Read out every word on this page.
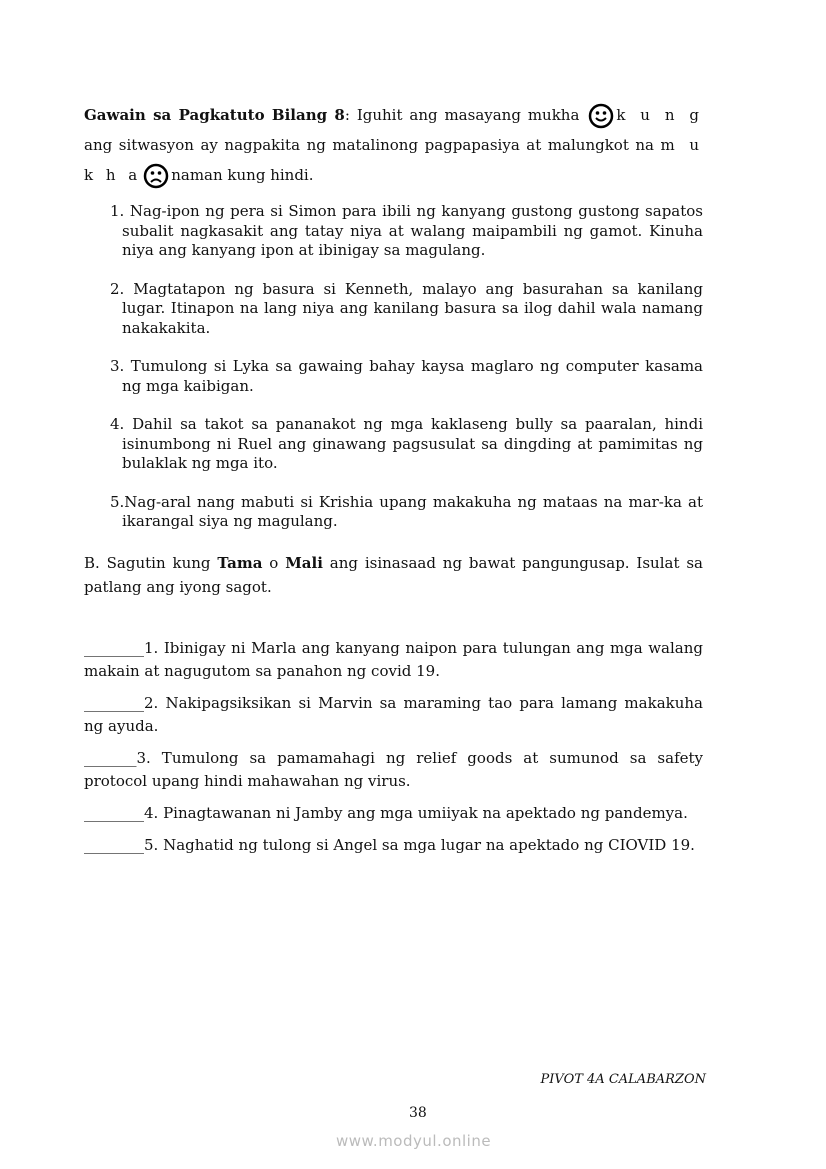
Gawain sa Pagkatuto Bilang 8: Iguhit ang masayang mukha k u n g ang sitwasyon ay nagpakita ng matalinong pagpapasiya at malungkot na m u k h a naman kung hindi.
1. Nag-ipon ng pera si Simon para ibili ng kanyang gustong gustong sapatos subalit nagkasakit ang tatay niya at walang maipambili ng gamot. Kinuha niya ang kanyang ipon at ibinigay sa magulang.
2. Magtatapon ng basura si Kenneth, malayo ang basurahan sa kanilang lugar. Itinapon na lang niya ang kanilang basura sa ilog dahil wala namang nakakakita.
3. Tumulong si Lyka sa gawaing bahay kaysa maglaro ng computer kasama ng mga kaibigan.
4. Dahil sa takot sa pananakot ng mga kaklaseng bully sa paaralan, hindi isinumbong ni Ruel ang ginawang pagsusulat sa dingding at pamimitas ng bulaklak ng mga ito.
5.Nag-aral nang mabuti si Krishia upang makakuha ng mataas na mar-ka at ikarangal siya ng magulang.
B. Sagutin kung Tama o Mali ang isinasaad ng bawat pangungusap. Isulat sa patlang ang iyong sagot.
________1. Ibinigay ni Marla ang kanyang naipon para tulungan ang mga walang makain at nagugutom sa panahon ng covid 19.
________2. Nakipagsiksikan si Marvin sa maraming tao para lamang makakuha ng ayuda.
_______3. Tumulong sa pamamahagi ng relief goods at sumunod sa safety protocol upang hindi mahawahan ng virus.
________4. Pinagtawanan ni Jamby ang mga umiiyak na apektado ng pandemya.
________5. Naghatid ng tulong si Angel sa mga lugar na apektado ng CIOVID 19.
PIVOT 4A CALABARZON
38
www.modyul.online
